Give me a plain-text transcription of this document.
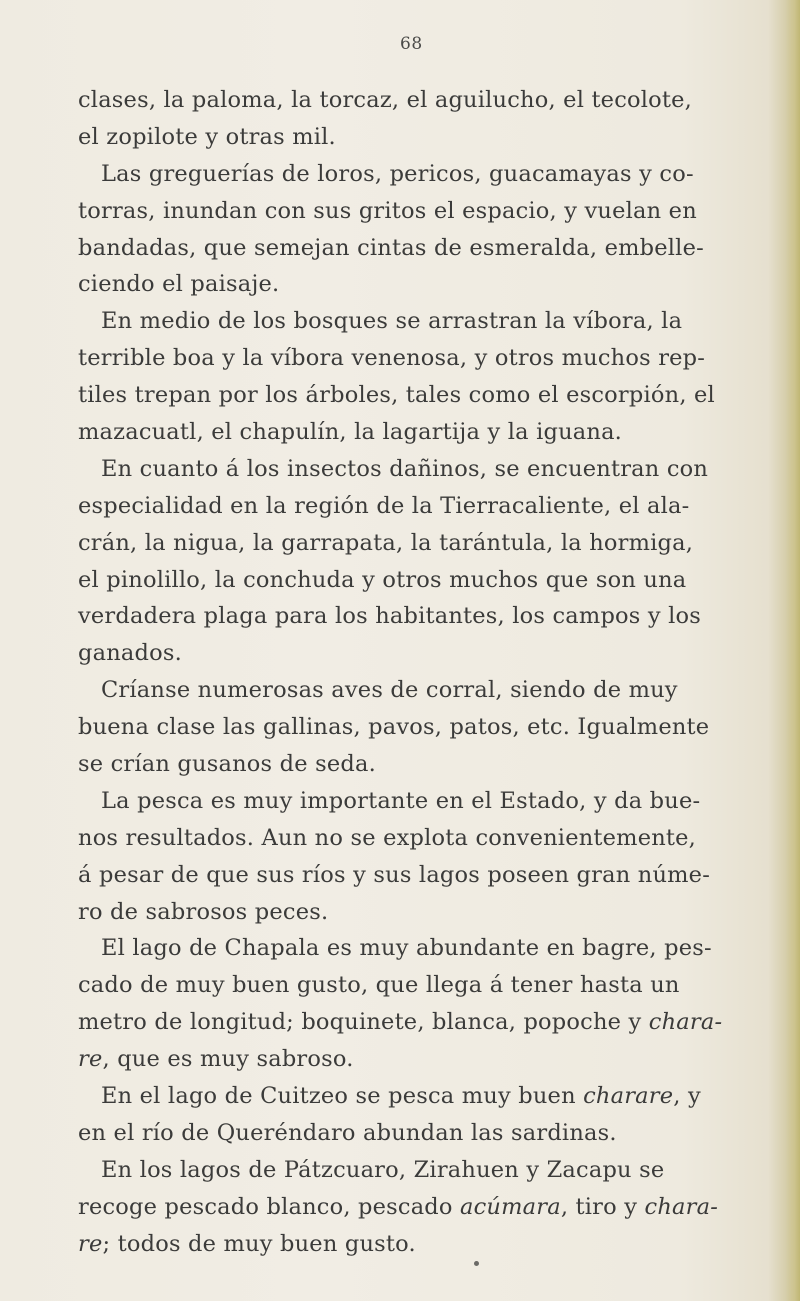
68
clases, la paloma, la torcaz, el aguilucho, el tecolote,
el zopilote y otras mil.
Las greguerías de loros, pericos, guacamayas y co-
torras, inundan con sus gritos el espacio, y vuelan en
bandadas, que semejan cintas de esmeralda, embelle-
ciendo el paisaje.
En medio de los bosques se arrastran la víbora, la
terrible boa y la víbora venenosa, y otros muchos rep-
tiles trepan por los árboles, tales como el escorpión, el
mazacuatl, el chapulín, la lagartija y la iguana.
En cuanto á los insectos dañinos, se encuentran con
especialidad en la región de la Tierracaliente, el ala-
crán, la nigua, la garrapata, la tarántula, la hormiga,
el pinolillo, la conchuda y otros muchos que son una
verdadera plaga para los habitantes, los campos y los
ganados.
Críanse numerosas aves de corral, siendo de muy
buena clase las gallinas, pavos, patos, etc. Igualmente
se crían gusanos de seda.
La pesca es muy importante en el Estado, y da bue-
nos resultados. Aun no se explota convenientemente,
á pesar de que sus ríos y sus lagos poseen gran núme-
ro de sabrosos peces.
El lago de Chapala es muy abundante en bagre, pes-
cado de muy buen gusto, que llega á tener hasta un
metro de longitud; boquinete, blanca, popoche y chara-
re, que es muy sabroso.
En el lago de Cuitzeo se pesca muy buen charare, y
en el río de Queréndaro abundan las sardinas.
En los lagos de Pátzcuaro, Zirahuen y Zacapu se
recoge pescado blanco, pescado acúmara, tiro y chara-
re; todos de muy buen gusto.
